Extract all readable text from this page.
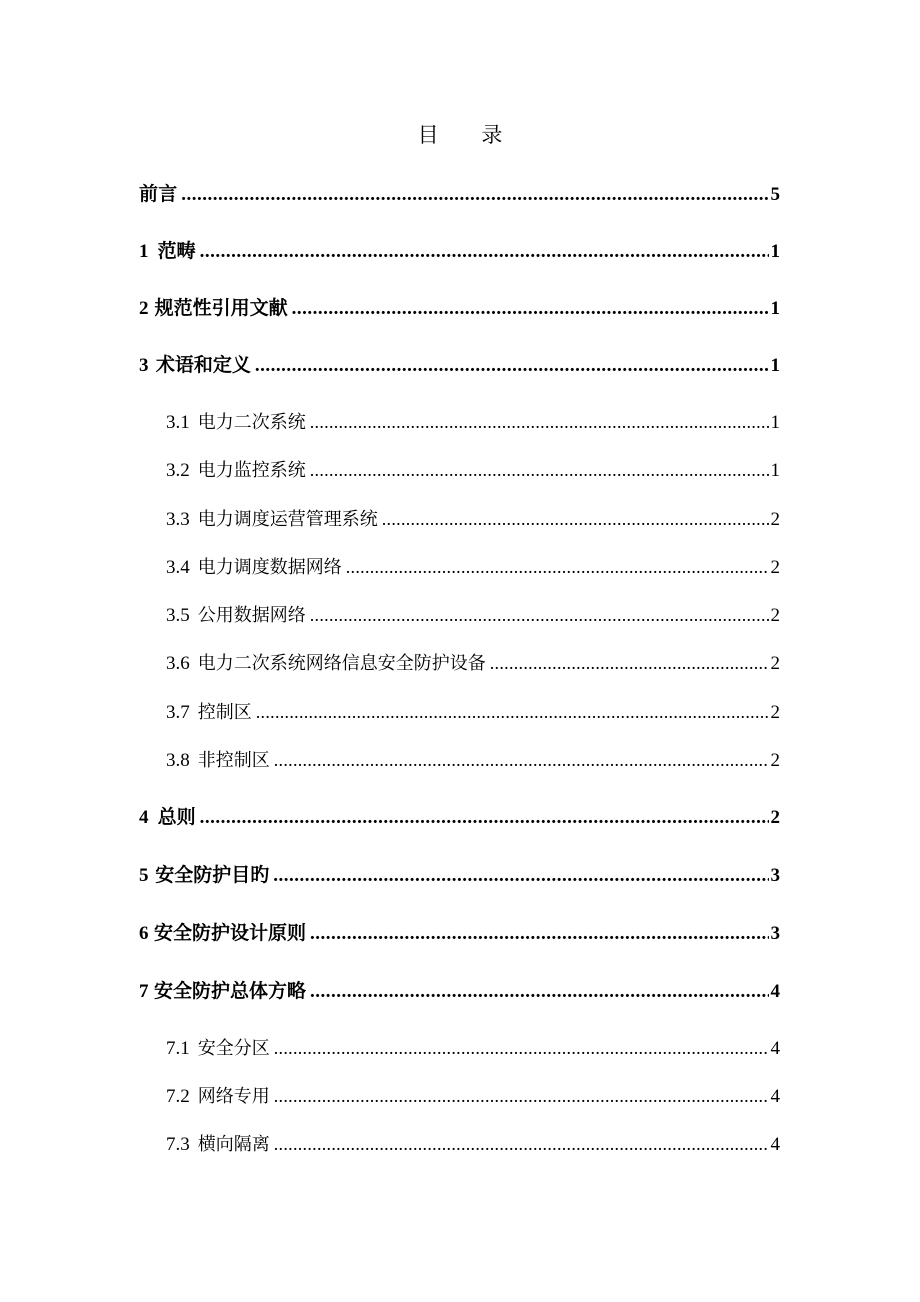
目 录
前 言 .....	5
1 范畴 .....	1
2 规范性引用文献 .....	1
3 术语和定义 .....	1
3.1 电力二次系统 .....	1
3.2 电力监控系统 .....	1
3.3 电力调度运营管理系统 .....	2
3.4 电力调度数据网络 .....	2
3.5 公用数据网络 .....	2
3.6 电力二次系统网络信息安全防护设备 .....	2
3.7 控制区 .....	2
3.8 非控制区 .....	2
4 总则 .....	2
5 安全防护目旳 .....	3
6 安全防护设计原则 .....	3
7 安全防护总体方略 .....	4
7.1 安全分区 .....	4
7.2 网络专用 .....	4
7.3 横向隔离 .....	4
